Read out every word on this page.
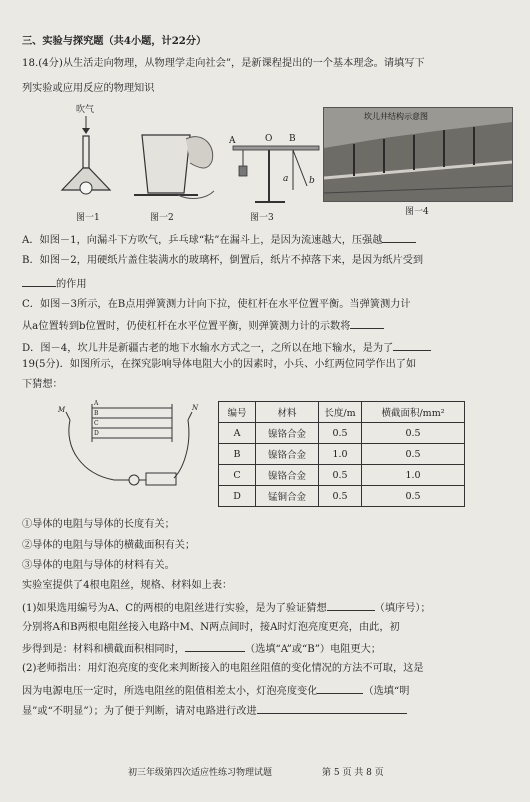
三、实验与探究题（共4小题，计22分）
18.(4分)从生活走向物理，从物理学走向社会”，是新课程提出的一个基本理念。请填写下
列实验或应用反应的物理知识
吹气
图一1	图一2
A	O B
a b
图一3
坎儿井结构示意图
图一4
A．如图－1，向漏斗下方吹气，乒乓球“粘”在漏斗上，是因为流速越大，压强越
B．如图－2，用硬纸片盖住装满水的玻璃杯，倒置后，纸片不掉落下来，是因为纸片受到
的作用
C．如图－3所示，在B点用弹簧测力计向下拉，使杠杆在水平位置平衡。当弹簧测力计
从a位置转到b位置时，仍使杠杆在水平位置平衡，则弹簧测力计的示数将
D．图－4，坎儿井是新疆古老的地下水输水方式之一，之所以在地下输水，是为了
19(5分)．如图所示，在探究影响导体电阻大小的因素时，小兵、小红两位同学作出了如
下猜想：
A
B
C
D
M	N	编号	材料	长度/m	横截面积/mm²
A	镍铬合金	0.5	0.5
B	镍铬合金	1.0	0.5
C	镍铬合金	0.5	1.0
D	锰铜合金	0.5	0.5
①导体的电阻与导体的长度有关；
②导体的电阻与导体的横截面积有关；
③导体的电阻与导体的材料有关。
实验室提供了4根电阻丝，规格、材料如上表：
(1)如果选用编号为A、C的两根的电阻丝进行实验，是为了验证猜想	（填序号）；
分别将A和B两根电阻丝接入电路中M、N两点间时，接A时灯泡亮度更亮，由此，初
步得到是：材料和横截面积相同时，	（选填“A”或“B”）电阻更大；
(2)老师指出：用灯泡亮度的变化来判断接入的电阻丝阻值的变化情况的方法不可取，这是
因为电源电压一定时，所选电阻丝的阻值相差太小，灯泡亮度变化	（选填“明
显”或“不明显”）；为了便于判断，请对电路进行改进
初三年级第四次适应性练习物理试题	第 5 页 共 8 页
